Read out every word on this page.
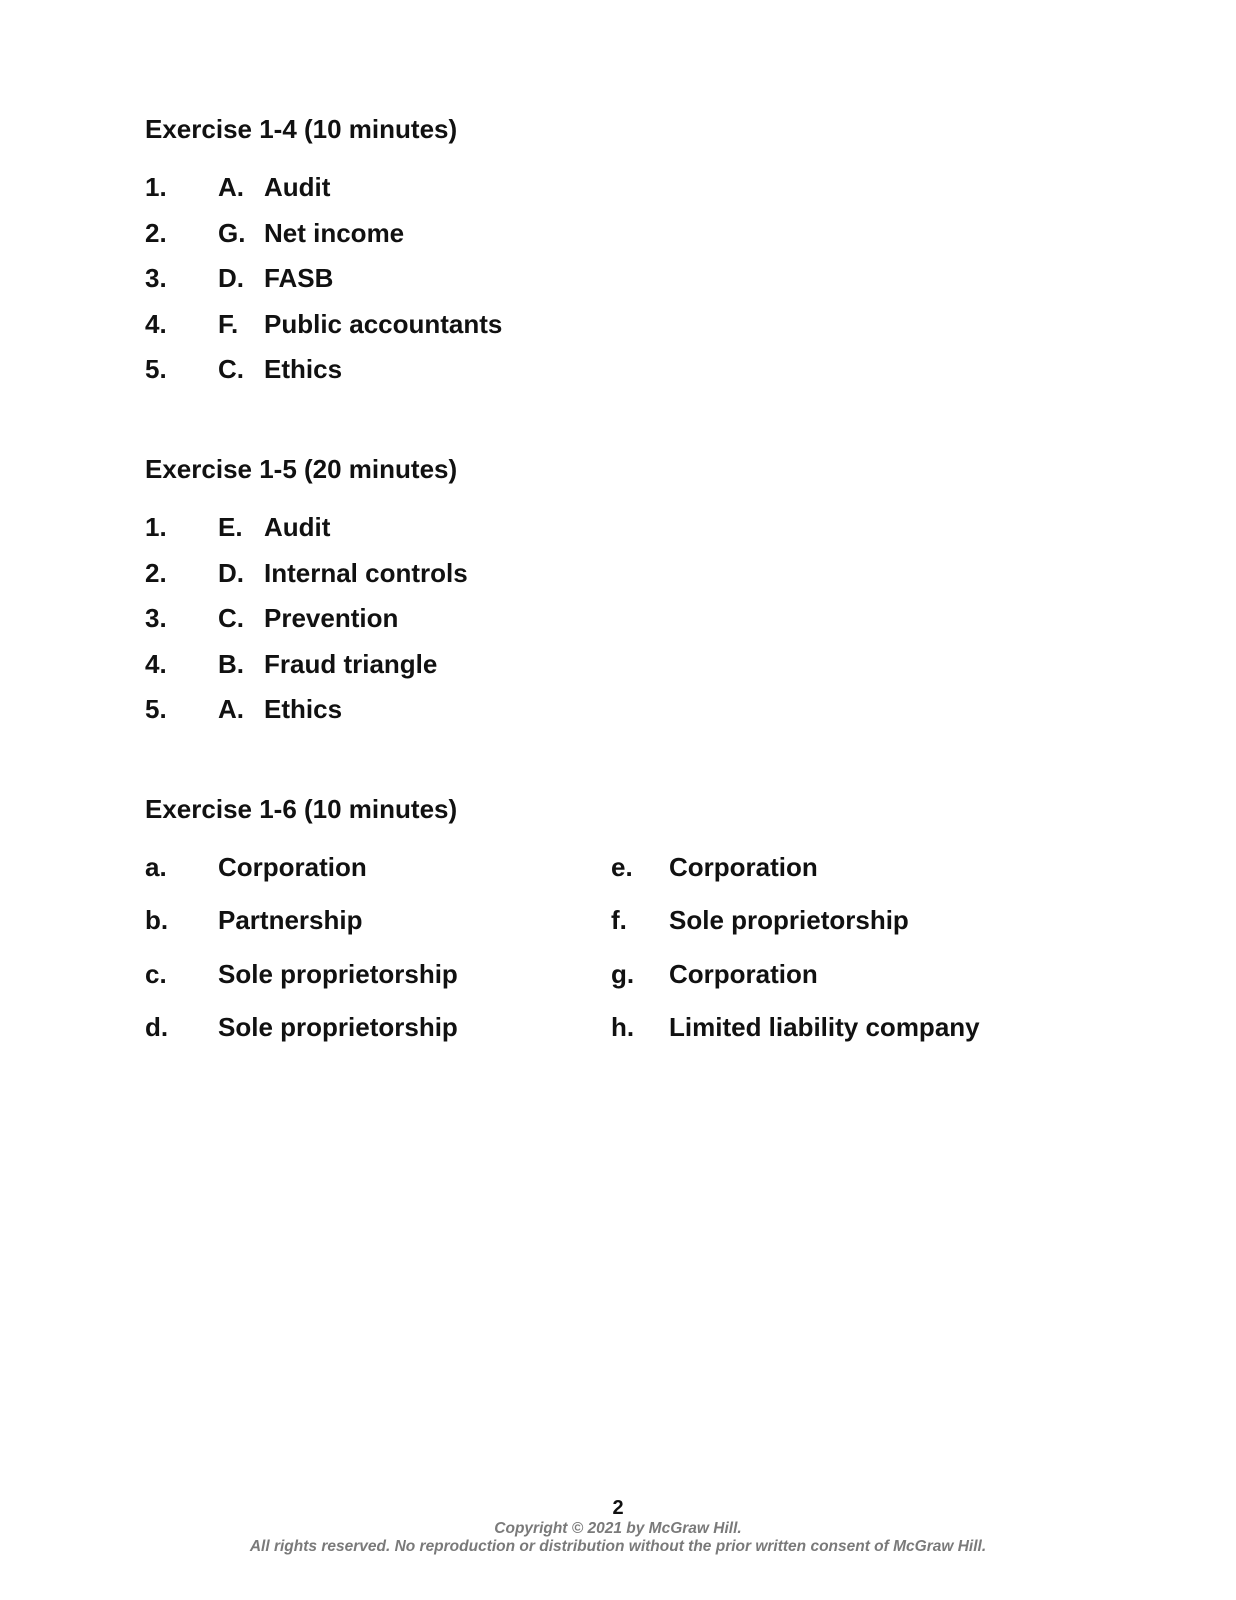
Exercise 1-4 (10 minutes)
1. A. Audit
2. G. Net income
3. D. FASB
4. F. Public accountants
5. C. Ethics
Exercise 1-5 (20 minutes)
1. E. Audit
2. D. Internal controls
3. C. Prevention
4. B. Fraud triangle
5. A. Ethics
Exercise 1-6 (10 minutes)
a. Corporation
b. Partnership
c. Sole proprietorship
d. Sole proprietorship
e. Corporation
f. Sole proprietorship
g. Corporation
h. Limited liability company
2
Copyright © 2021 by McGraw Hill.
All rights reserved. No reproduction or distribution without the prior written consent of McGraw Hill.
